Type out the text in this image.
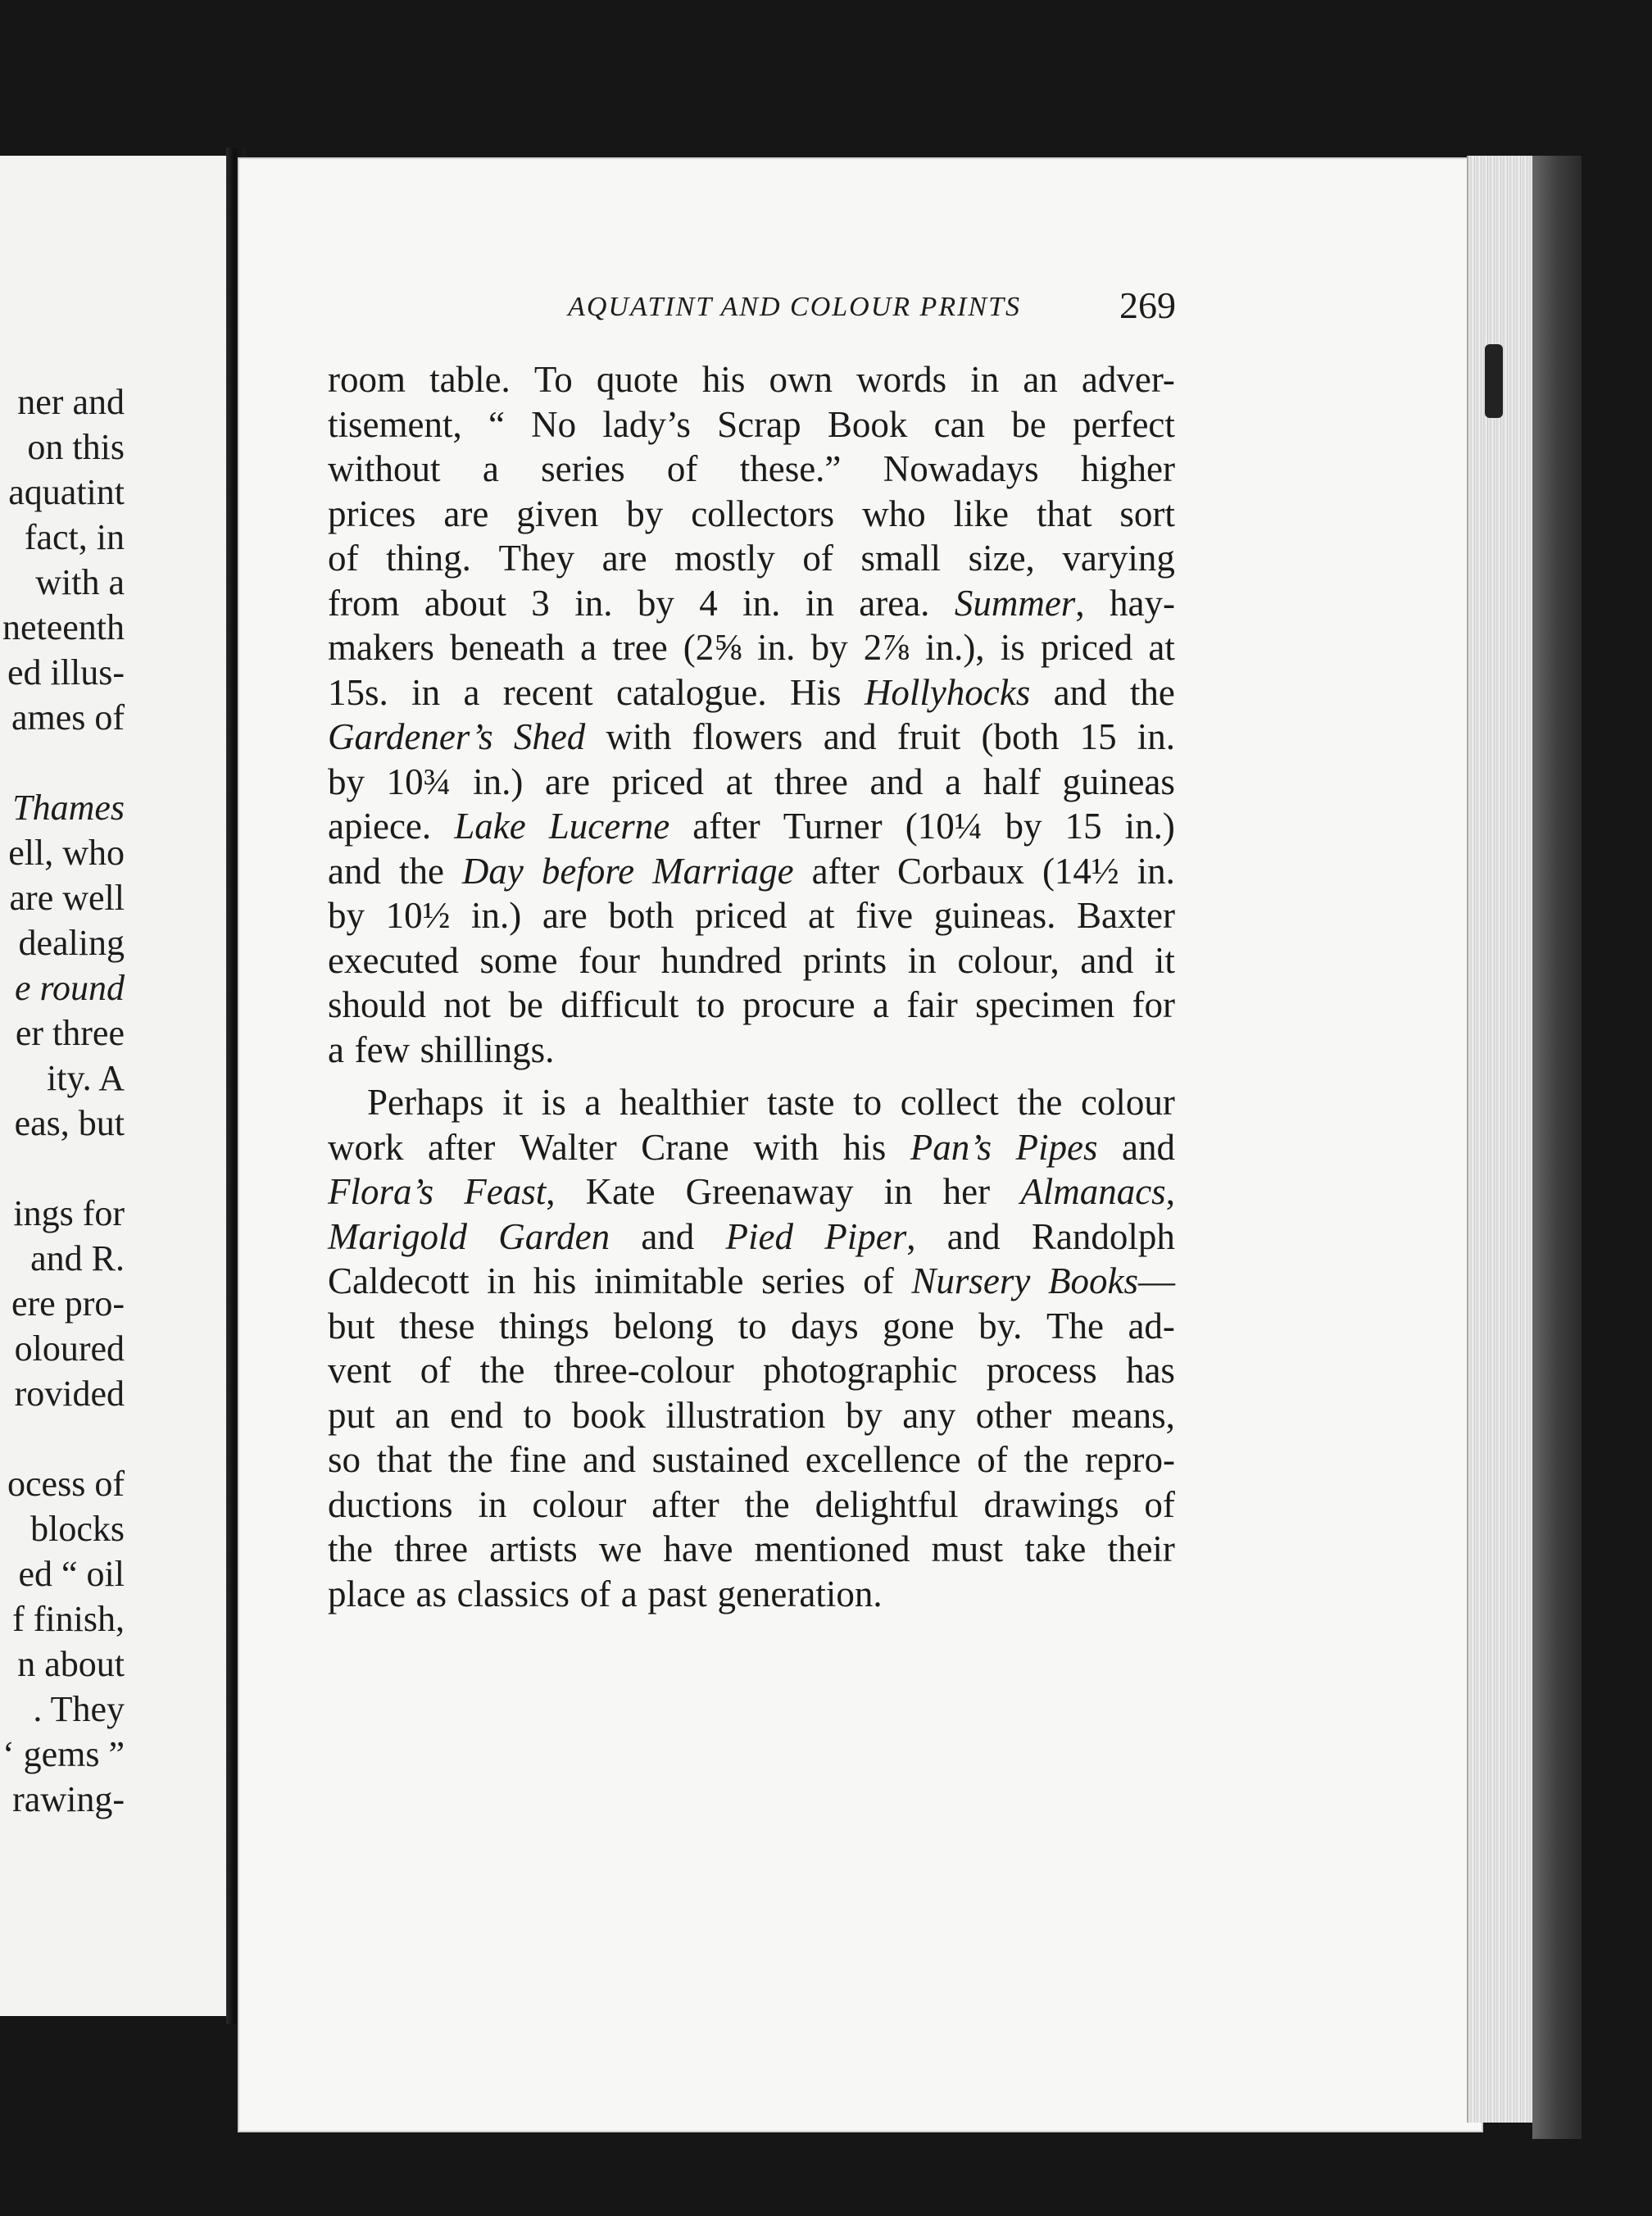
ner and
on this
aquatint
fact, in
with a
neteenth
ed illus-
ames of
Thames
ell, who
are well
dealing
e round
er three
ity. A
eas, but
ings for
and R.
ere pro-
oloured
rovided
ocess of
blocks
ed “ oil
f finish,
n about
. They
‘ gems ”
rawing-
AQUATINT AND COLOUR PRINTS	269
room table. To quote his own words in an adver-
tisement, “ No lady’s Scrap Book can be perfect
without a series of these.” Nowadays higher
prices are given by collectors who like that sort
of thing. They are mostly of small size, varying
from about 3 in. by 4 in. in area. Summer, hay-
makers beneath a tree (2⅝ in. by 2⅞ in.), is priced at
15s. in a recent catalogue. His Hollyhocks and the
Gardener’s Shed with flowers and fruit (both 15 in.
by 10¾ in.) are priced at three and a half guineas
apiece. Lake Lucerne after Turner (10¼ by 15 in.)
and the Day before Marriage after Corbaux (14½ in.
by 10½ in.) are both priced at five guineas. Baxter
executed some four hundred prints in colour, and it
should not be difficult to procure a fair specimen for
a few shillings.
Perhaps it is a healthier taste to collect the colour
work after Walter Crane with his Pan’s Pipes and
Flora’s Feast, Kate Greenaway in her Almanacs,
Marigold Garden and Pied Piper, and Randolph
Caldecott in his inimitable series of Nursery Books—
but these things belong to days gone by. The ad-
vent of the three-colour photographic process has
put an end to book illustration by any other means,
so that the fine and sustained excellence of the repro-
ductions in colour after the delightful drawings of
the three artists we have mentioned must take their
place as classics of a past generation.
